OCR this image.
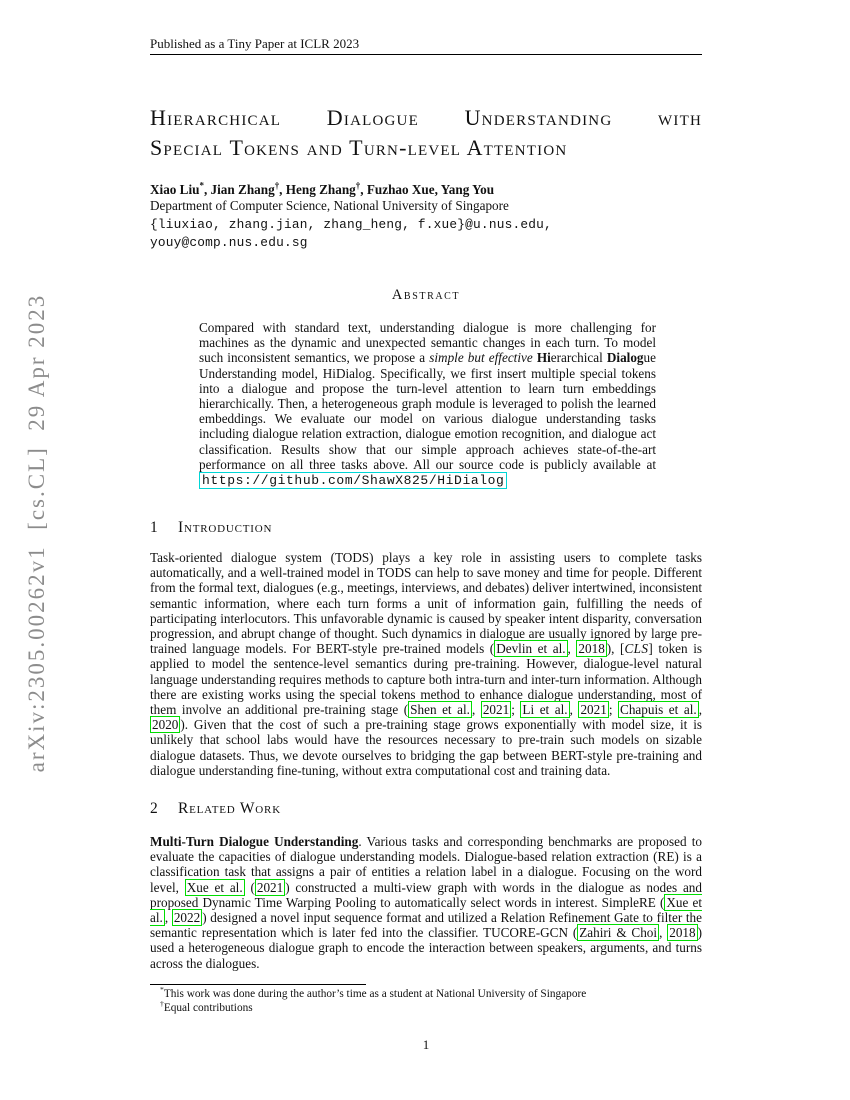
arXiv:2305.00262v1  [cs.CL]  29 Apr 2023
Published as a Tiny Paper at ICLR 2023
Hierarchical Dialogue Understanding with
Special Tokens and Turn-level Attention
Xiao Liu*, Jian Zhang†, Heng Zhang†, Fuzhao Xue, Yang You
Department of Computer Science, National University of Singapore
{liuxiao, zhang.jian, zhang_heng, f.xue}@u.nus.edu,
youy@comp.nus.edu.sg
Abstract
Compared with standard text, understanding dialogue is more challenging for machines as the dynamic and unexpected semantic changes in each turn. To model such inconsistent semantics, we propose a simple but effective Hierarchical Dialogue Understanding model, HiDialog. Specifically, we first insert multiple special tokens into a dialogue and propose the turn-level attention to learn turn embeddings hierarchically. Then, a heterogeneous graph module is leveraged to polish the learned embeddings. We evaluate our model on various dialogue understanding tasks including dialogue relation extraction, dialogue emotion recognition, and dialogue act classification. Results show that our simple approach achieves state-of-the-art performance on all three tasks above. All our source code is publicly available at https://github.com/ShawX825/HiDialog
1 Introduction
Task-oriented dialogue system (TODS) plays a key role in assisting users to complete tasks automatically, and a well-trained model in TODS can help to save money and time for people. Different from the formal text, dialogues (e.g., meetings, interviews, and debates) deliver intertwined, inconsistent semantic information, where each turn forms a unit of information gain, fulfilling the needs of participating interlocutors. This unfavorable dynamic is caused by speaker intent disparity, conversation progression, and abrupt change of thought. Such dynamics in dialogue are usually ignored by large pre-trained language models. For BERT-style pre-trained models ( Devlin et al. , 2018 ), [CLS] token is applied to model the sentence-level semantics during pre-training. However, dialogue-level natural language understanding requires methods to capture both intra-turn and inter-turn information. Although there are existing works using the special tokens method to enhance dialogue understanding, most of them involve an additional pre-training stage ( Shen et al. , 2021 ; Li et al. , 2021 ; Chapuis et al. , 2020 ). Given that the cost of such a pre-training stage grows exponentially with model size, it is unlikely that school labs would have the resources necessary to pre-train such models on sizable dialogue datasets. Thus, we devote ourselves to bridging the gap between BERT-style pre-training and dialogue understanding fine-tuning, without extra computational cost and training data.
2 Related Work
Multi-Turn Dialogue Understanding. Various tasks and corresponding benchmarks are proposed to evaluate the capacities of dialogue understanding models. Dialogue-based relation extraction (RE) is a classification task that assigns a pair of entities a relation label in a dialogue. Focusing on the word level, Xue et al. ( 2021 ) constructed a multi-view graph with words in the dialogue as nodes and proposed Dynamic Time Warping Pooling to automatically select words in interest. SimpleRE ( Xue et al. , 2022 ) designed a novel input sequence format and utilized a Relation Refinement Gate to filter the semantic representation which is later fed into the classifier. TUCORE-GCN ( Zahiri & Choi , 2018 ) used a heterogeneous dialogue graph to encode the interaction between speakers, arguments, and turns across the dialogues.
*This work was done during the author’s time as a student at National University of Singapore
†Equal contributions
1
